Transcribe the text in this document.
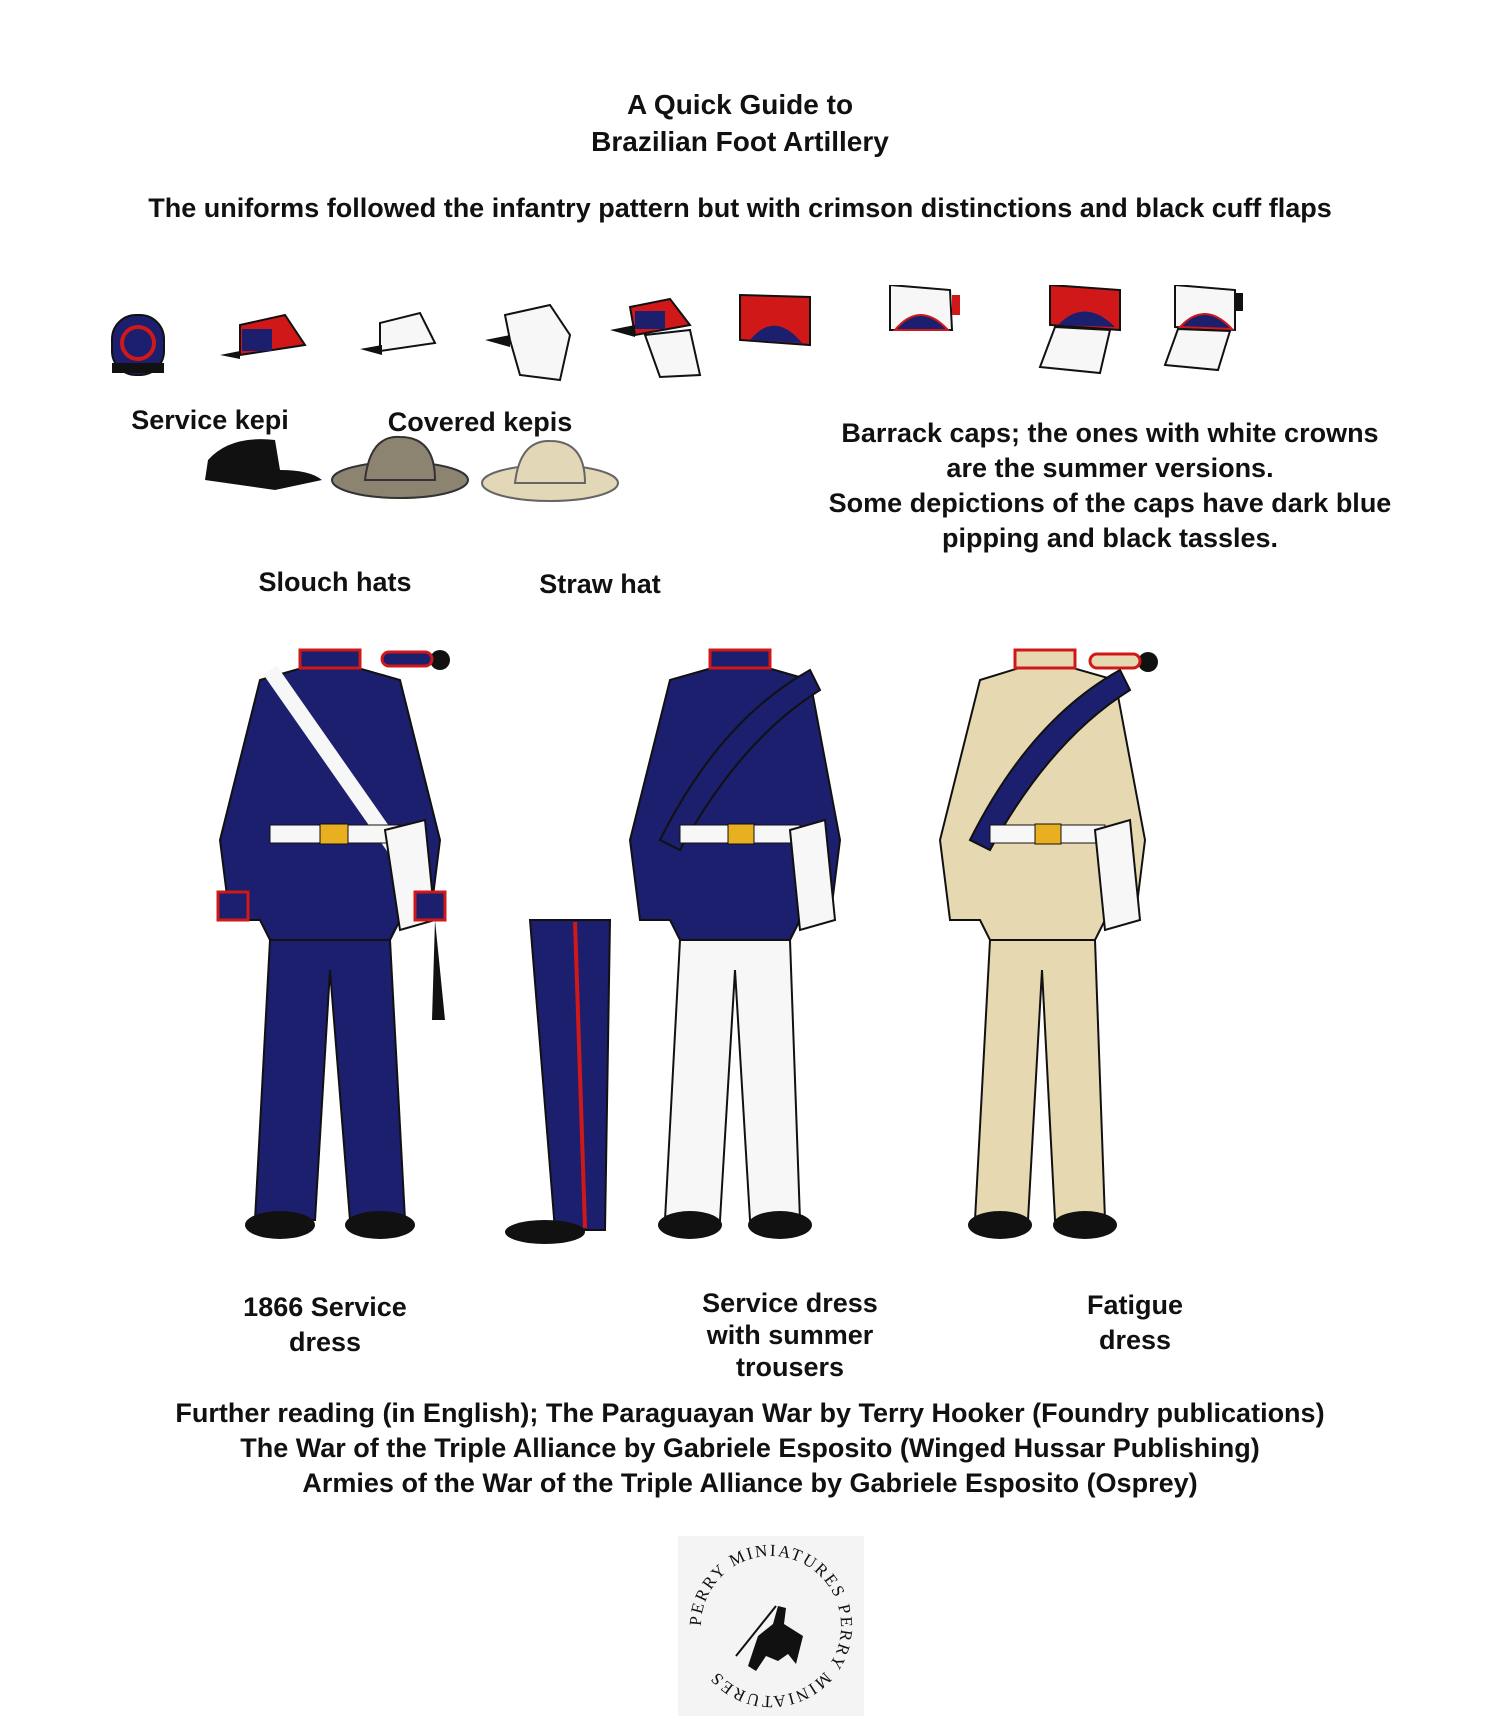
A Quick Guide to
Brazilian Foot Artillery
The uniforms followed the infantry pattern but with crimson distinctions and black cuff flaps
Service kepi	Covered kepis	Barrack caps; the ones with white crowns
are the summer versions.
Some depictions of the caps have dark blue
pipping and black tassles.
Slouch hats	Straw hat
1866 Service
dress
Service dress
with summer
trousers
Fatigue
dress
Further reading (in English); The Paraguayan War by Terry Hooker (Foundry publications)
The War of the Triple Alliance by Gabriele Esposito (Winged Hussar Publishing)
Armies of the War of the Triple Alliance by Gabriele Esposito (Osprey)
PERRY MINIATURES PERRY MINIATURES
